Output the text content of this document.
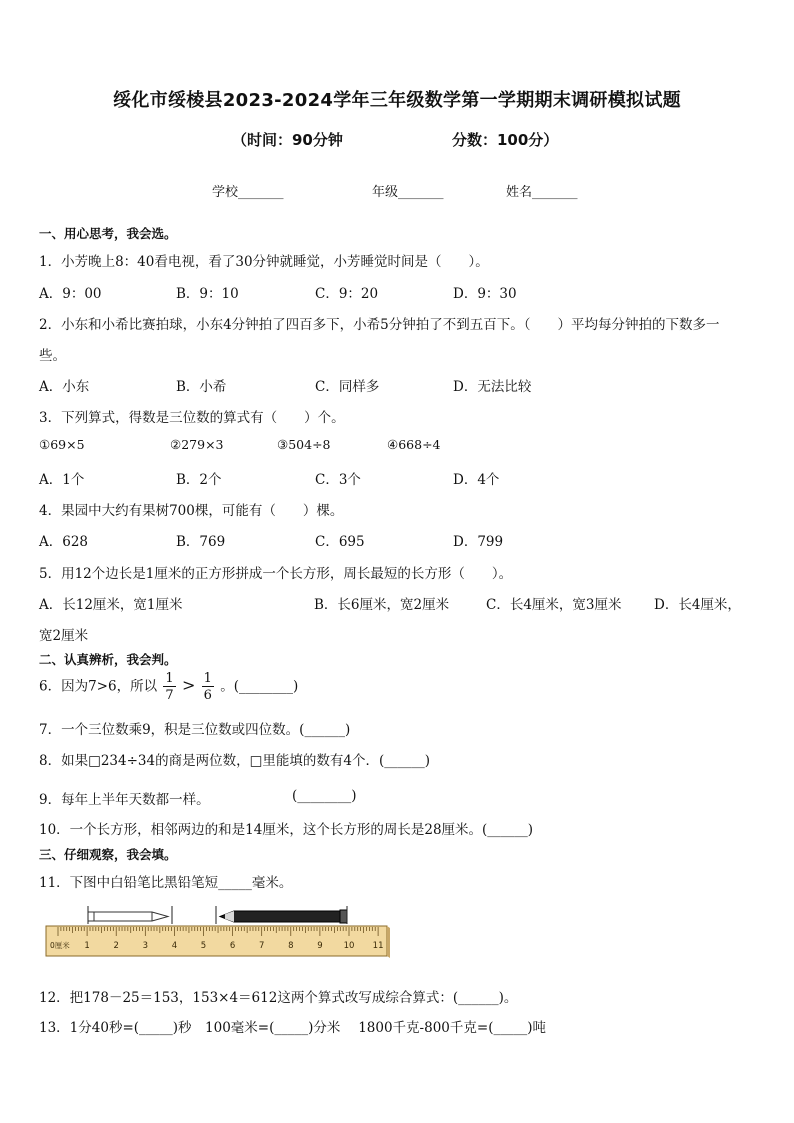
绥化市绥棱县2023-2024学年三年级数学第一学期期末调研模拟试题
（时间：90分钟	分数：100分）
学校_______	年级_______	姓名_______
一、用心思考，我会选。
1．小芳晚上8：40看电视，看了30分钟就睡觉，小芳睡觉时间是（　　）。
A．9：00	B．9：10	C．9：20	D．9：30
2．小东和小希比赛拍球，小东4分钟拍了四百多下，小希5分钟拍了不到五百下。（　　）平均每分钟拍的下数多一
些。
A．小东	B．小希	C．同样多	D．无法比较
3．下列算式，得数是三位数的算式有（　　）个。
①69×5	②279×3	③504÷8	④668÷4
A．1个	B．2个	C．3个	D．4个
4．果园中大约有果树700棵，可能有（　　）棵。
A．628	B．769	C．695	D．799
5．用12个边长是1厘米的正方形拼成一个长方形，周长最短的长方形（　　）。
A．长12厘米，宽1厘米	B．长6厘米，宽2厘米	C．长4厘米，宽3厘米 D．长4厘米，
宽2厘米
二、认真辨析，我会判。
6．因为7>6，所以 $\frac{1}{7} > \frac{1}{6}$ 。(________)
7．一个三位数乘9，积是三位数或四位数。(______)
8．如果□234÷34的商是两位数，□里能填的数有4个．(______)
9．每年上半年天数都一样。	(________)
10．一个长方形，相邻两边的和是14厘米，这个长方形的周长是28厘米。(______)
三、仔细观察，我会填。
11．下图中白铅笔比黑铅笔短_____毫米。
0厘米 1	2	3	4	5	6	7	8	9 10 11
12．把178－25＝153，153×4＝612这两个算式改写成综合算式：(______)。
13．1分40秒=(_____)秒　100毫米=(_____)分米　 1800千克-800千克=(_____)吨
